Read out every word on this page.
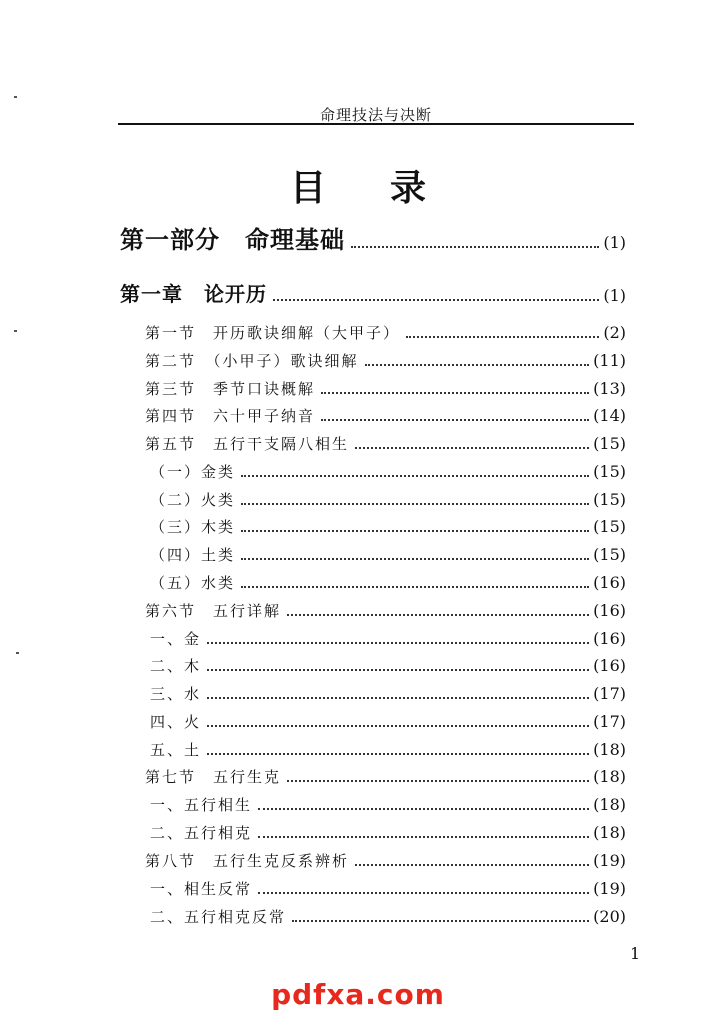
命理技法与决断
目录
第一部分　命理基础	(1)
第一章　论开历	(1)
第一节　开历歌诀细解（大甲子）	(2)
第二节　（小甲子）歌诀细解	(11)
第三节　季节口诀概解	(13)
第四节　六十甲子纳音	(14)
第五节　五行干支隔八相生	(15)
（一）金类	(15)
（二）火类	(15)
（三）木类	(15)
（四）土类	(15)
（五）水类	(16)
第六节　五行详解	(16)
一、金	(16)
二、木	(16)
三、水	(17)
四、火	(17)
五、土	(18)
第七节　五行生克	(18)
一、五行相生	(18)
二、五行相克	(18)
第八节　五行生克反系辨析	(19)
一、相生反常	(19)
二、五行相克反常	(20)
1
pdfxa.com
